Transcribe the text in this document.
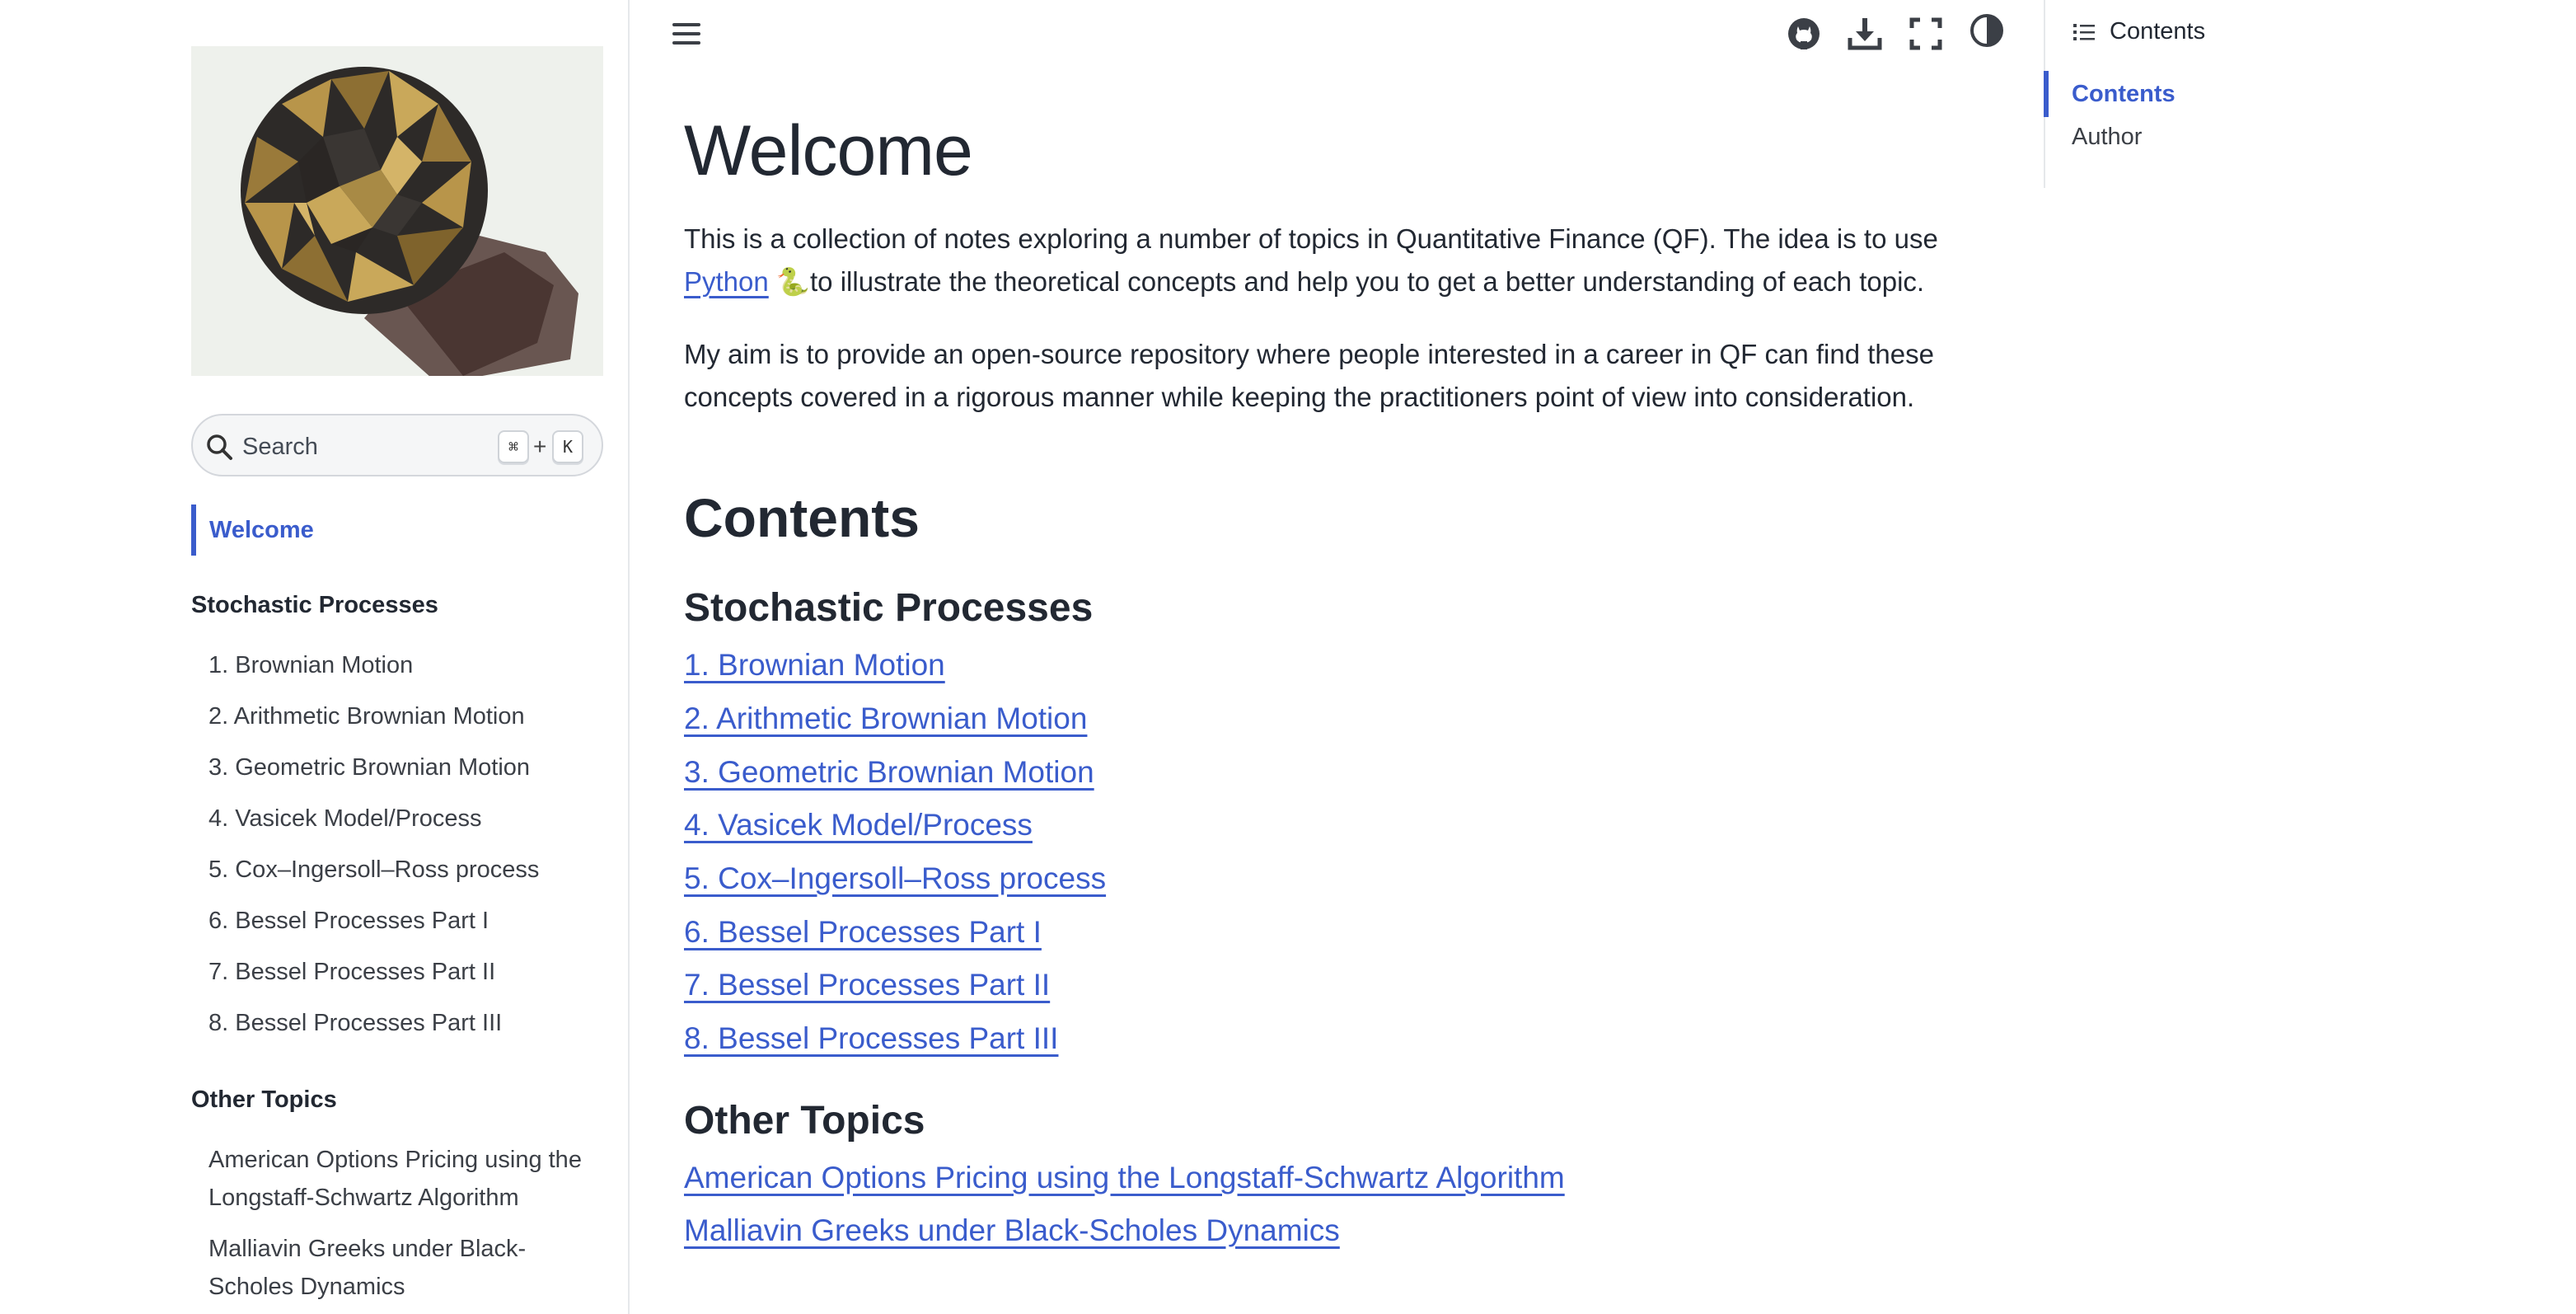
Search	⌘ + K
Welcome
Stochastic Processes
1. Brownian Motion
2. Arithmetic Brownian Motion
3. Geometric Brownian Motion
4. Vasicek Model/Process
5. Cox–Ingersoll–Ross process
6. Bessel Processes Part I
7. Bessel Processes Part II
8. Bessel Processes Part III
Other Topics
American Options Pricing using the Longstaff-Schwartz Algorithm
Malliavin Greeks under Black-Scholes Dynamics
Welcome

This is a collection of notes exploring a number of topics in Quantitative Finance (QF). The idea is to use Python 🐍to illustrate the theoretical concepts and help you to get a better understanding of each topic.

My aim is to provide an open-source repository where people interested in a career in QF can find these concepts covered in a rigorous manner while keeping the practitioners point of view into consideration.

Contents
Stochastic Processes
1. Brownian Motion
2. Arithmetic Brownian Motion
3. Geometric Brownian Motion
4. Vasicek Model/Process
5. Cox–Ingersoll–Ross process
6. Bessel Processes Part I
7. Bessel Processes Part II
8. Bessel Processes Part III
Other Topics
American Options Pricing using the Longstaff-Schwartz Algorithm
Malliavin Greeks under Black-Scholes Dynamics
Contents
Contents
Author
